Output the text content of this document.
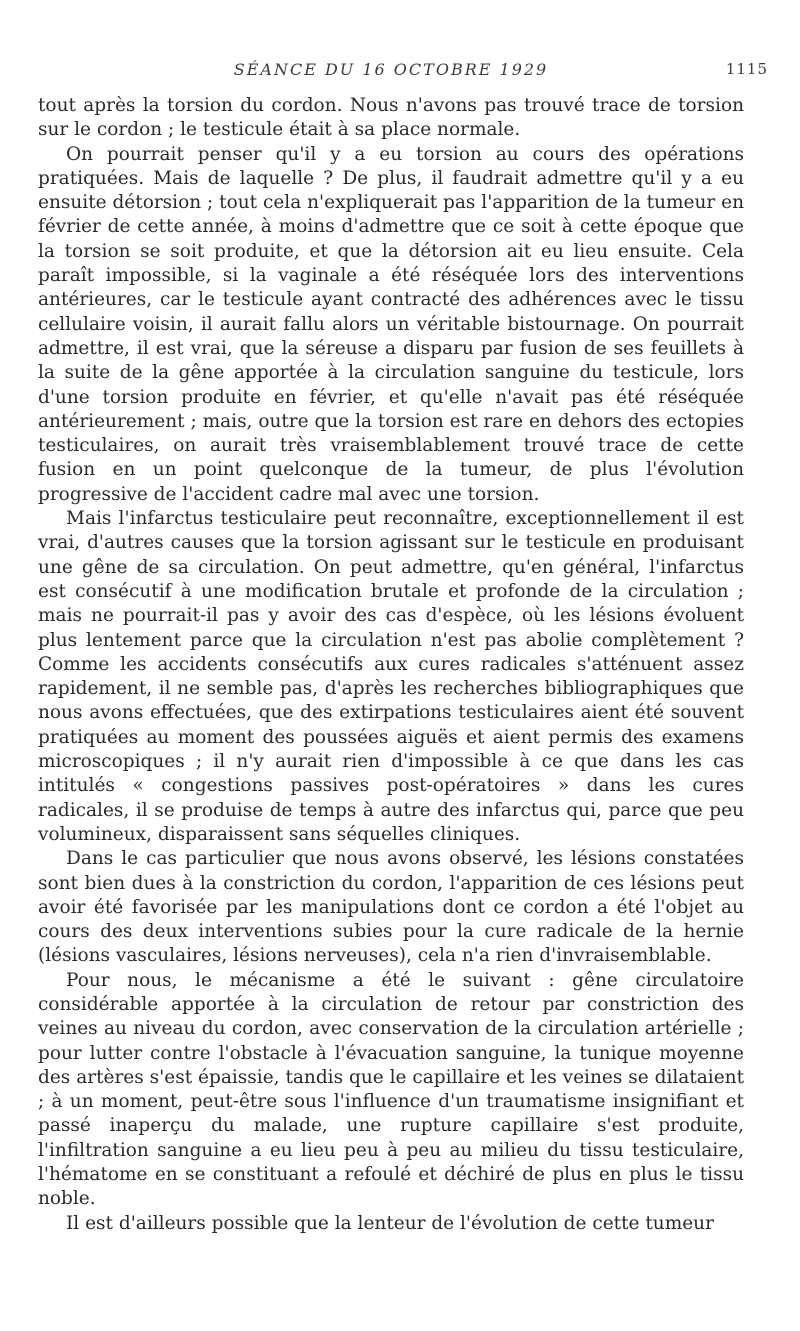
SÉANCE DU 16 OCTOBRE 1929	1115

tout après la torsion du cordon. Nous n'avons pas trouvé trace de torsion sur le cordon ; le testicule était à sa place normale.

On pourrait penser qu'il y a eu torsion au cours des opérations pratiquées. Mais de laquelle ? De plus, il faudrait admettre qu'il y a eu ensuite détorsion ; tout cela n'expliquerait pas l'apparition de la tumeur en février de cette année, à moins d'admettre que ce soit à cette époque que la torsion se soit produite, et que la détorsion ait eu lieu ensuite. Cela paraît impossible, si la vaginale a été réséquée lors des interventions antérieures, car le testicule ayant contracté des adhérences avec le tissu cellulaire voisin, il aurait fallu alors un véritable bistournage. On pourrait admettre, il est vrai, que la séreuse a disparu par fusion de ses feuillets à la suite de la gêne apportée à la circulation sanguine du testicule, lors d'une torsion produite en février, et qu'elle n'avait pas été réséquée antérieurement ; mais, outre que la torsion est rare en dehors des ectopies testiculaires, on aurait très vraisemblablement trouvé trace de cette fusion en un point quelconque de la tumeur, de plus l'évolution progressive de l'accident cadre mal avec une torsion.

Mais l'infarctus testiculaire peut reconnaître, exceptionnellement il est vrai, d'autres causes que la torsion agissant sur le testicule en produisant une gêne de sa circulation. On peut admettre, qu'en général, l'infarctus est consécutif à une modification brutale et profonde de la circulation ; mais ne pourrait-il pas y avoir des cas d'espèce, où les lésions évoluent plus lentement parce que la circulation n'est pas abolie complètement ? Comme les accidents consécutifs aux cures radicales s'atténuent assez rapidement, il ne semble pas, d'après les recherches bibliographiques que nous avons effectuées, que des extirpations testiculaires aient été souvent pratiquées au moment des poussées aiguës et aient permis des examens microscopiques ; il n'y aurait rien d'impossible à ce que dans les cas intitulés « congestions passives post-opératoires » dans les cures radicales, il se produise de temps à autre des infarctus qui, parce que peu volumineux, disparaissent sans séquelles cliniques.

Dans le cas particulier que nous avons observé, les lésions constatées sont bien dues à la constriction du cordon, l'apparition de ces lésions peut avoir été favorisée par les manipulations dont ce cordon a été l'objet au cours des deux interventions subies pour la cure radicale de la hernie (lésions vasculaires, lésions nerveuses), cela n'a rien d'invraisemblable.

Pour nous, le mécanisme a été le suivant : gêne circulatoire considérable apportée à la circulation de retour par constriction des veines au niveau du cordon, avec conservation de la circulation artérielle ; pour lutter contre l'obstacle à l'évacuation sanguine, la tunique moyenne des artères s'est épaissie, tandis que le capillaire et les veines se dilataient ; à un moment, peut-être sous l'influence d'un traumatisme insignifiant et passé inaperçu du malade, une rupture capillaire s'est produite, l'infiltration sanguine a eu lieu peu à peu au milieu du tissu testiculaire, l'hématome en se constituant a refoulé et déchiré de plus en plus le tissu noble.

Il est d'ailleurs possible que la lenteur de l'évolution de cette tumeur
